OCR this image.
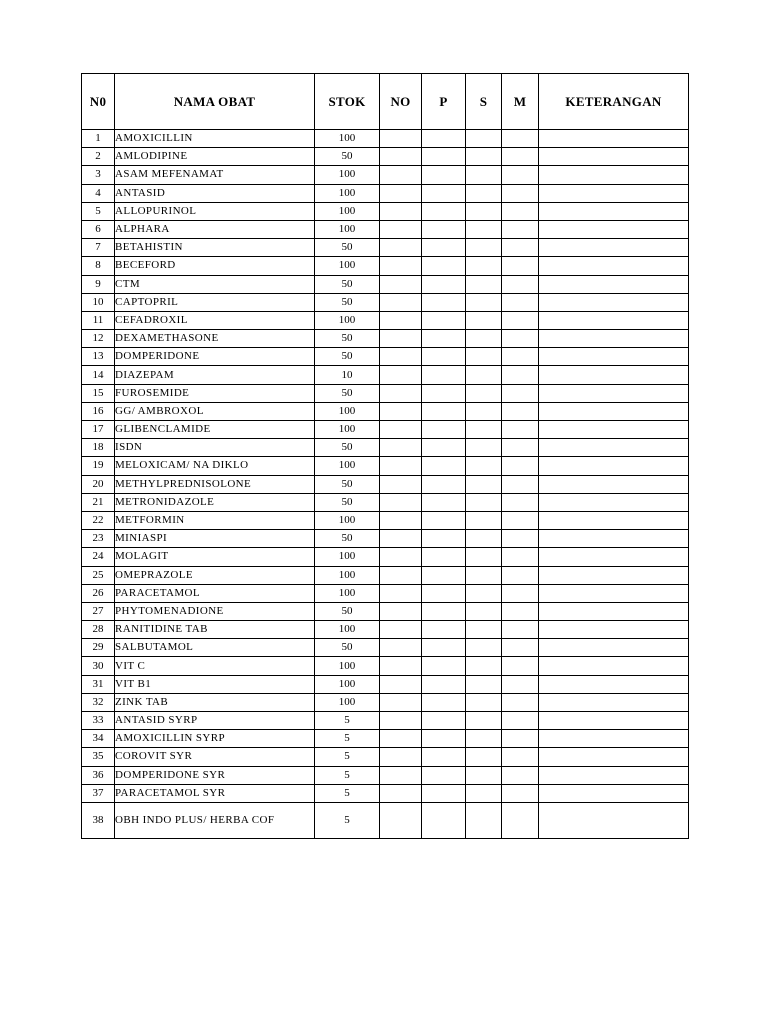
N0	NAMA OBAT	STOK	NO	P	S	M	KETERANGAN
1	AMOXICILLIN	100					
2	AMLODIPINE	50					
3	ASAM MEFENAMAT	100					
4	ANTASID	100					
5	ALLOPURINOL	100					
6	ALPHARA	100					
7	BETAHISTIN	50					
8	BECEFORD	100					
9	CTM	50					
10	CAPTOPRIL	50					
11	CEFADROXIL	100					
12	DEXAMETHASONE	50					
13	DOMPERIDONE	50					
14	DIAZEPAM	10					
15	FUROSEMIDE	50					
16	GG/ AMBROXOL	100					
17	GLIBENCLAMIDE	100					
18	ISDN	50					
19	MELOXICAM/ NA DIKLO	100					
20	METHYLPREDNISOLONE	50					
21	METRONIDAZOLE	50					
22	METFORMIN	100					
23	MINIASPI	50					
24	MOLAGIT	100					
25	OMEPRAZOLE	100					
26	PARACETAMOL	100					
27	PHYTOMENADIONE	50					
28	RANITIDINE TAB	100					
29	SALBUTAMOL	50					
30	VIT C	100					
31	VIT B1	100					
32	ZINK TAB	100					
33	ANTASID SYRP	5					
34	AMOXICILLIN SYRP	5					
35	COROVIT SYR	5					
36	DOMPERIDONE SYR	5					
37	PARACETAMOL SYR	5					
38	OBH INDO PLUS/ HERBA COF	5					
